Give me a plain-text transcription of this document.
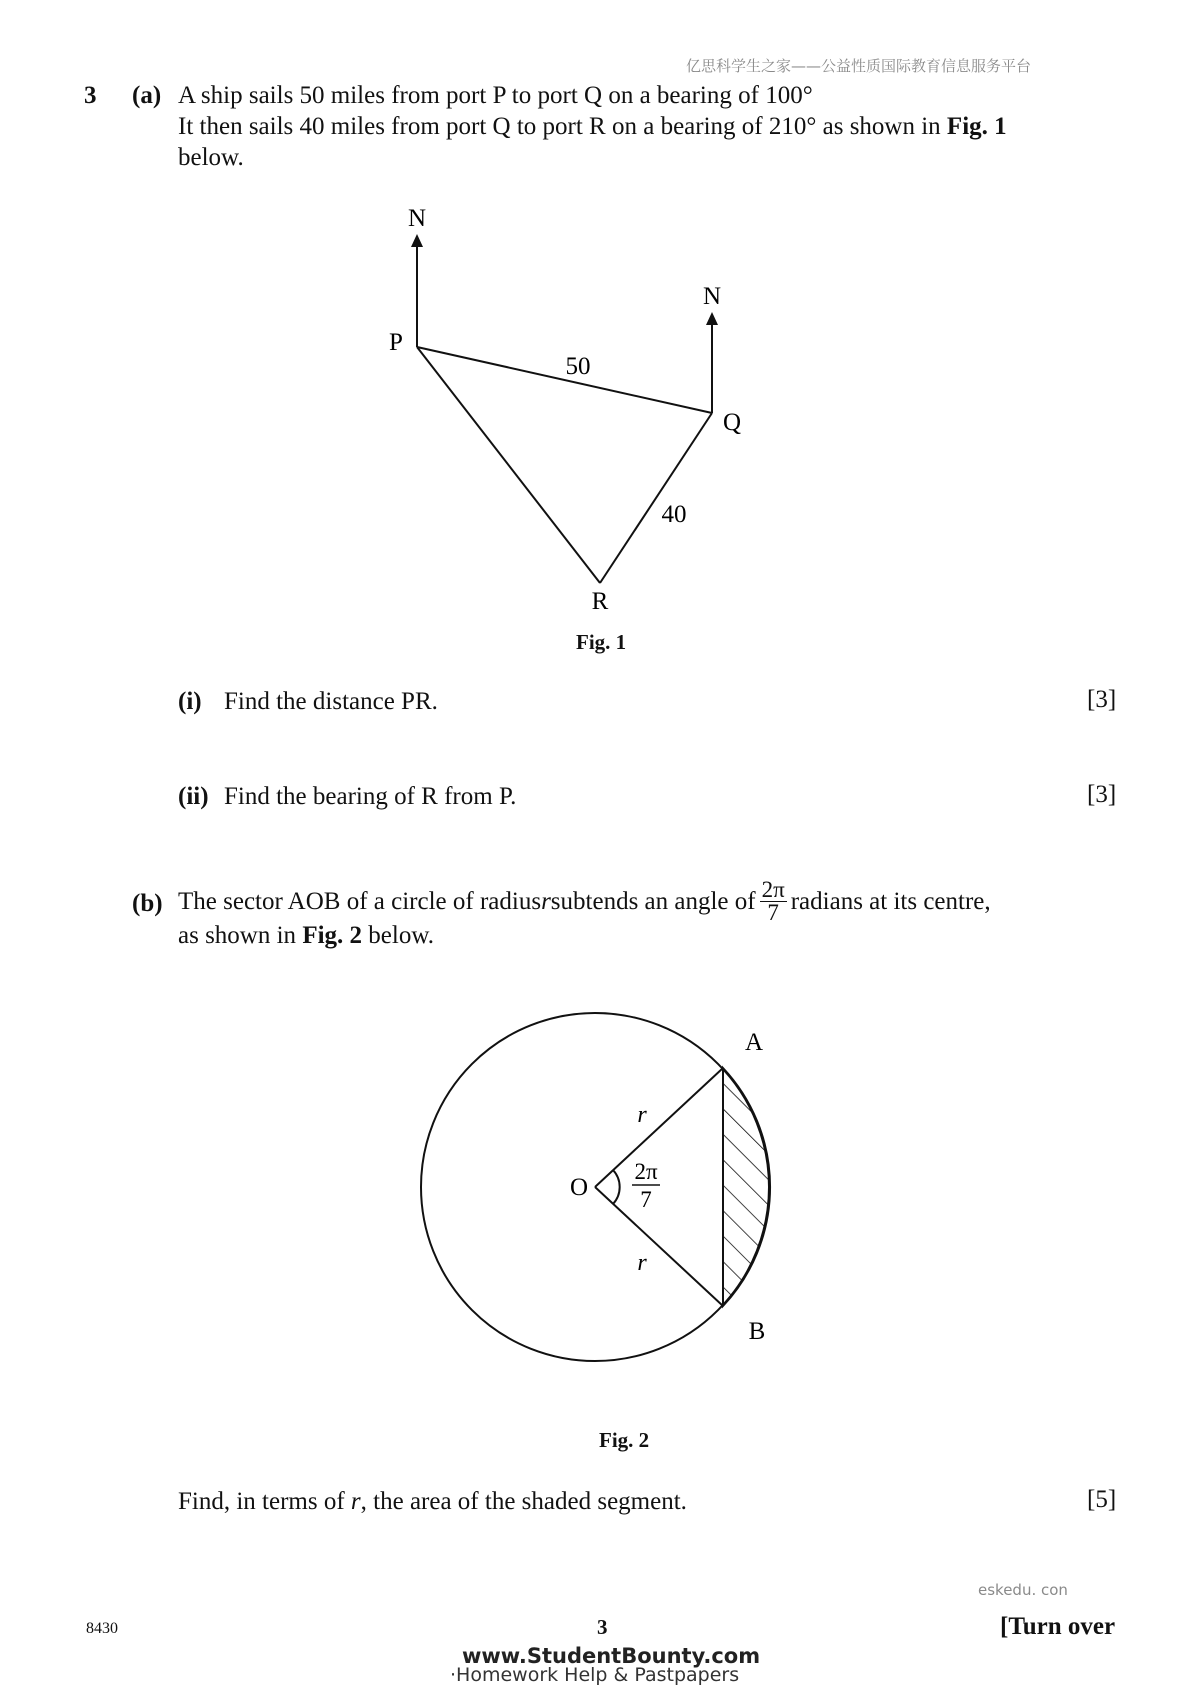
亿思科学生之家——公益性质国际教育信息服务平台
3 (a) A ship sails 50 miles from port P to port Q on a bearing of 100°
It then sails 40 miles from port Q to port R on a bearing of 210° as shown in Fig. 1
below.
N
N
P
Q
R
50
40
Fig. 1
(i) Find the distance PR.	[3]
(ii) Find the bearing of R from P.	[3]
(b) The sector AOB of a circle of radius r subtends an angle of $\frac{2\pi}{7}$ radians at its centre,
as shown in Fig. 2 below.
A
B
O
r
r
2π
7
Fig. 2
Find, in terms of r, the area of the shaded segment.	[5]
eskedu. con
8430	3	[Turn over
www.StudentBounty.com
·Homework Help & Pastpapers
